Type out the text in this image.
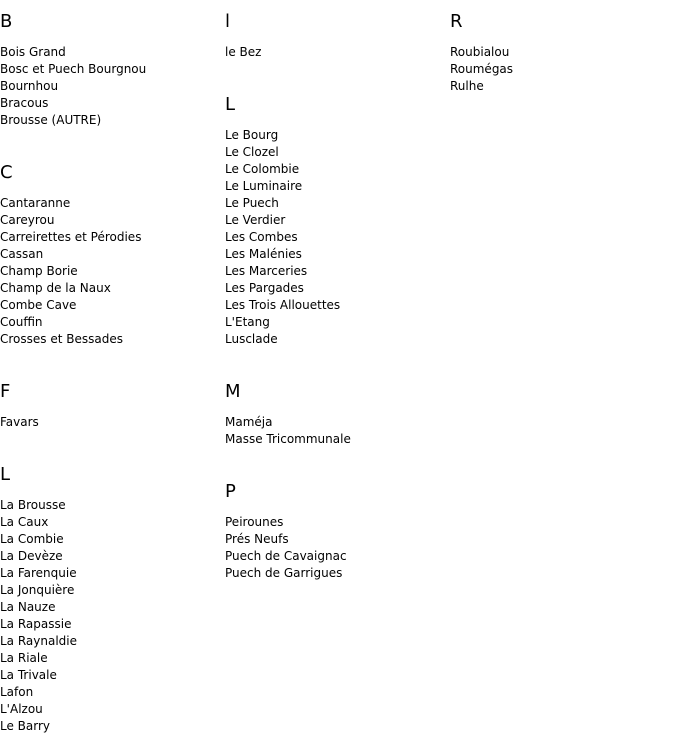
B
Bois Grand
Bosc et Puech Bourgnou
Bournhou
Bracous
Brousse (AUTRE)
C
Cantaranne
Careyrou
Carreirettes et Pérodies
Cassan
Champ Borie
Champ de la Naux
Combe Cave
Couffin
Crosses et Bessades
F
Favars
L
La Brousse
La Caux
La Combie
La Devèze
La Farenquie
La Jonquière
La Nauze
La Rapassie
La Raynaldie
La Riale
La Trivale
Lafon
L'Alzou
Le Barry
l
le Bez
L
Le Bourg
Le Clozel
Le Colombie
Le Luminaire
Le Puech
Le Verdier
Les Combes
Les Malénies
Les Marceries
Les Pargades
Les Trois Allouettes
L'Etang
Lusclade
M
Maméja
Masse Tricommunale
P
Peirounes
Prés Neufs
Puech de Cavaignac
Puech de Garrigues
R
Roubialou
Roumégas
Rulhe
